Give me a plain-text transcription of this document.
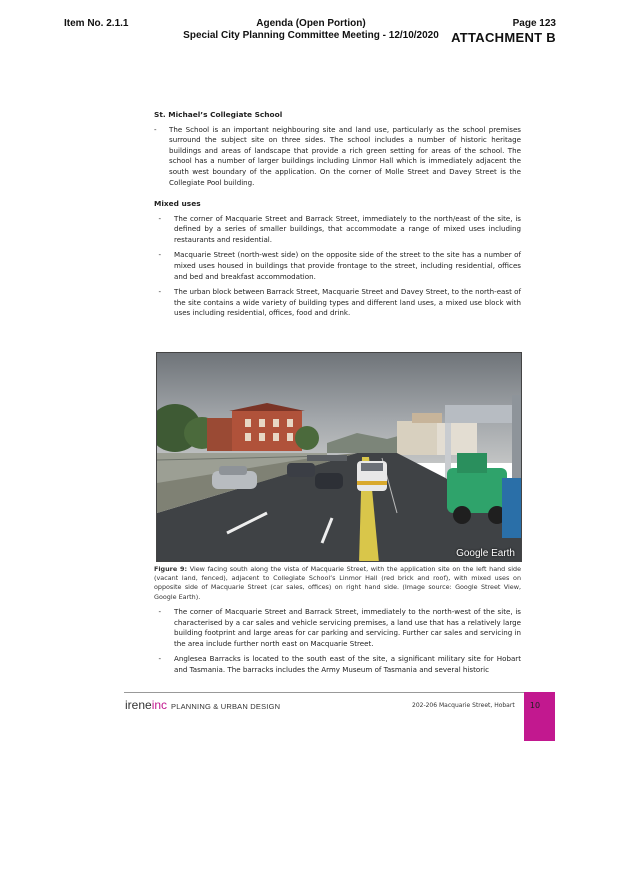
Item No. 2.1.1	Agenda (Open Portion)
Special City Planning Committee Meeting - 12/10/2020
Page 123
ATTACHMENT B
St. Michael’s Collegiate School
-	The School is an important neighbouring site and land use, particularly as the school premises surround the subject site on three sides. The school includes a number of historic heritage buildings and areas of landscape that provide a rich green setting for areas of the school. The school has a number of larger buildings including Linmor Hall which is immediately adjacent the south west boundary of the application. On the corner of Molle Street and Davey Street is the Collegiate Pool building.
Mixed uses
-	The corner of Macquarie Street and Barrack Street, immediately to the north/east of the site, is defined by a series of smaller buildings, that accommodate a range of mixed uses including restaurants and residential.
-	Macquarie Street (north-west side) on the opposite side of the street to the site has a number of mixed uses housed in buildings that provide frontage to the street, including residential, offices and bed and breakfast accommodation.
-	The urban block between Barrack Street, Macquarie Street and Davey Street, to the north-east of the site contains a wide variety of building types and different land uses, a mixed use block with uses including residential, offices, food and drink.
Google Earth
Figure 9: View facing south along the vista of Macquarie Street, with the application site on the left hand side (vacant land, fenced), adjacent to Collegiate School’s Linmor Hall (red brick and roof), with mixed uses on opposite side of Macquarie Street (car sales, offices) on right hand side. (Image source: Google Street View, Google Earth).
-	The corner of Macquarie Street and Barrack Street, immediately to the north-west of the site, is characterised by a car sales and vehicle servicing premises, a land use that has a relatively large building footprint and large areas for car parking and servicing. Further car sales and servicing in the area include further north east on Macquarie Street.
-	Anglesea Barracks is located to the south east of the site, a significant military site for Hobart and Tasmania. The barracks includes the Army Museum of Tasmania and several historic
ireneinc PLANNING & URBAN DESIGN	202-206 Macquarie Street, Hobart	10
